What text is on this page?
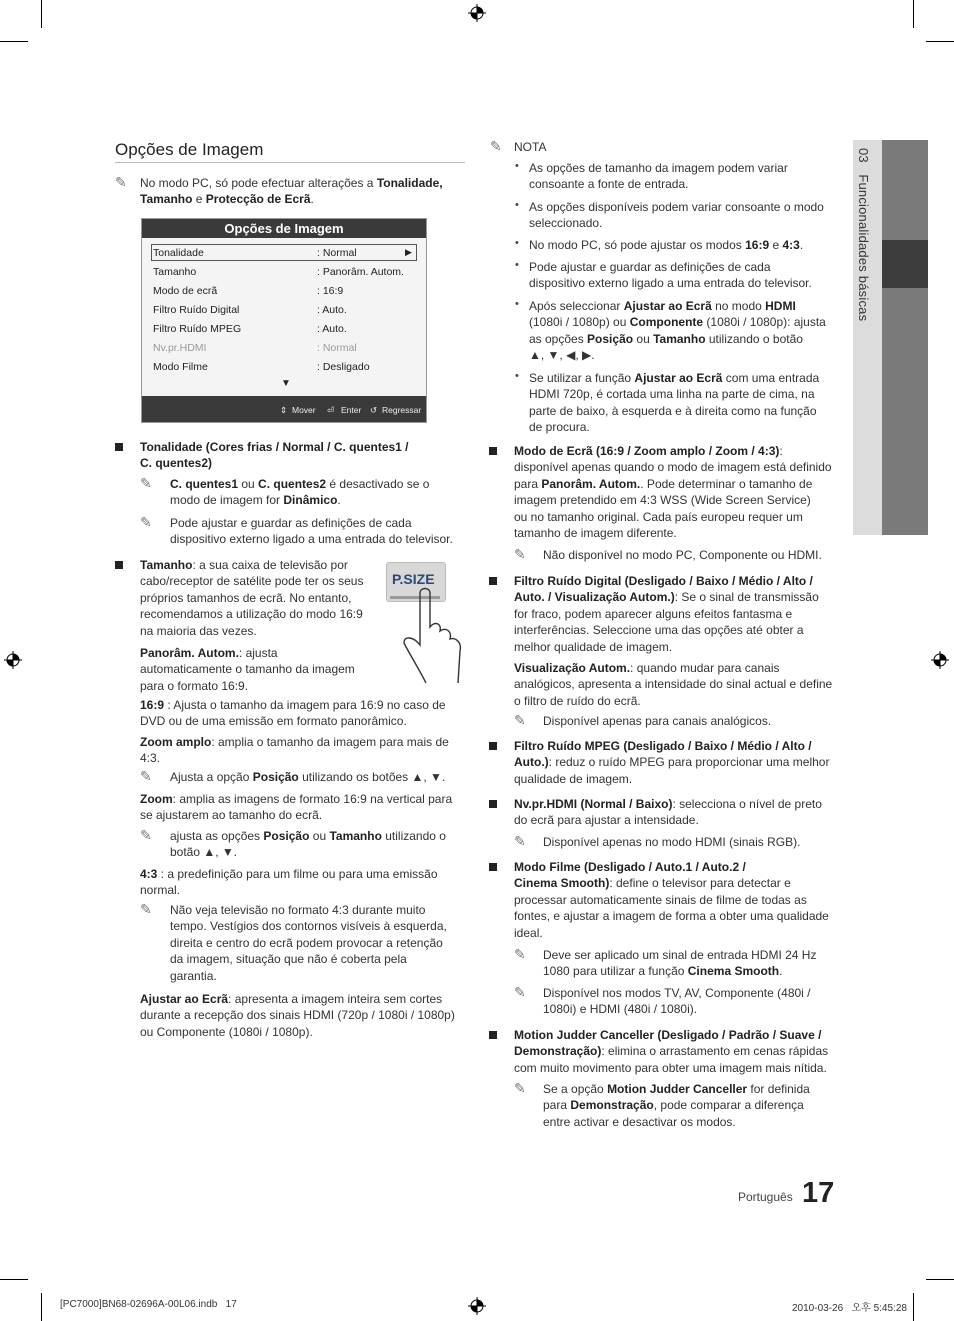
03   Funcionalidades básicas
Opções de Imagem
✎ No modo PC, só pode efectuar alterações a Tonalidade,
Tamanho e Protecção de Ecrã.
Opções de Imagem
Tonalidade	: Normal	▶
Tamanho	: Panorâm. Autom.
Modo de ecrã	: 16:9
Filtro Ruído Digital	: Auto.
Filtro Ruído MPEG	: Auto.
Nv.pr.HDMI	: Normal
Modo Filme	: Desligado
▼
⇕ Mover ⏎ Enter ↺ Regressar
Tonalidade (Cores frias / Normal / C. quentes1 /
C. quentes2)
✎ C. quentes1 ou C. quentes2 é desactivado se o
modo de imagem for Dinâmico.
✎ Pode ajustar e guardar as definições de cada
dispositivo externo ligado a uma entrada do televisor.
Tamanho: a sua caixa de televisão por
cabo/receptor de satélite pode ter os seus
próprios tamanhos de ecrã. No entanto,
recomendamos a utilização do modo 16:9
na maioria das vezes.
P.SIZE
Panorâm. Autom.: ajusta
automaticamente o tamanho da imagem
para o formato 16:9.
16:9 : Ajusta o tamanho da imagem para 16:9 no caso de
DVD ou de uma emissão em formato panorâmico.
Zoom amplo: amplia o tamanho da imagem para mais de
4:3.
✎ Ajusta a opção Posição utilizando os botões ▲, ▼.
Zoom: amplia as imagens de formato 16:9 na vertical para
se ajustarem ao tamanho do ecrã.
✎ ajusta as opções Posição ou Tamanho utilizando o
botão ▲, ▼.
4:3 : a predefinição para um filme ou para uma emissão
normal.
✎ Não veja televisão no formato 4:3 durante muito
tempo. Vestígios dos contornos visíveis à esquerda,
direita e centro do ecrã podem provocar a retenção
da imagem, situação que não é coberta pela
garantia.
Ajustar ao Ecrã: apresenta a imagem inteira sem cortes
durante a recepção dos sinais HDMI (720p / 1080i / 1080p)
ou Componente (1080i / 1080p).
✎ NOTA
• As opções de tamanho da imagem podem variar
consoante a fonte de entrada.
• As opções disponíveis podem variar consoante o modo
seleccionado.
• No modo PC, só pode ajustar os modos 16:9 e 4:3.
• Pode ajustar e guardar as definições de cada
dispositivo externo ligado a uma entrada do televisor.
• Após seleccionar Ajustar ao Ecrã no modo HDMI
(1080i / 1080p) ou Componente (1080i / 1080p): ajusta
as opções Posição ou Tamanho utilizando o botão
▲, ▼, ◀, ▶.
• Se utilizar a função Ajustar ao Ecrã com uma entrada
HDMI 720p, é cortada uma linha na parte de cima, na
parte de baixo, à esquerda e à direita como na função
de procura.
Modo de Ecrã (16:9 / Zoom amplo / Zoom / 4:3):
disponível apenas quando o modo de imagem está definido
para Panorâm. Autom.. Pode determinar o tamanho de
imagem pretendido em 4:3 WSS (Wide Screen Service)
ou no tamanho original. Cada país europeu requer um
tamanho de imagem diferente.
✎ Não disponível no modo PC, Componente ou HDMI.
Filtro Ruído Digital (Desligado / Baixo / Médio / Alto /
Auto. / Visualização Autom.): Se o sinal de transmissão
for fraco, podem aparecer alguns efeitos fantasma e
interferências. Seleccione uma das opções até obter a
melhor qualidade de imagem.
Visualização Autom.: quando mudar para canais
analógicos, apresenta a intensidade do sinal actual e define
o filtro de ruído do ecrã.
✎ Disponível apenas para canais analógicos.
Filtro Ruído MPEG (Desligado / Baixo / Médio / Alto /
Auto.): reduz o ruído MPEG para proporcionar uma melhor
qualidade de imagem.
Nv.pr.HDMI (Normal / Baixo): selecciona o nível de preto
do ecrã para ajustar a intensidade.
✎ Disponível apenas no modo HDMI (sinais RGB).
Modo Filme (Desligado / Auto.1 / Auto.2 /
Cinema Smooth): define o televisor para detectar e
processar automaticamente sinais de filme de todas as
fontes, e ajustar a imagem de forma a obter uma qualidade
ideal.
✎ Deve ser aplicado um sinal de entrada HDMI 24 Hz
1080 para utilizar a função Cinema Smooth.
✎ Disponível nos modos TV, AV, Componente (480i /
1080i) e HDMI (480i / 1080i).
Motion Judder Canceller (Desligado / Padrão / Suave /
Demonstração): elimina o arrastamento em cenas rápidas
com muito movimento para obter uma imagem mais nítida.
✎ Se a opção Motion Judder Canceller for definida
para Demonstração, pode comparar a diferença
entre activar e desactivar os modos.
Português 17
[PC7000]BN68-02696A-00L06.indb   17	2010-03-26   오후 5:45:28
